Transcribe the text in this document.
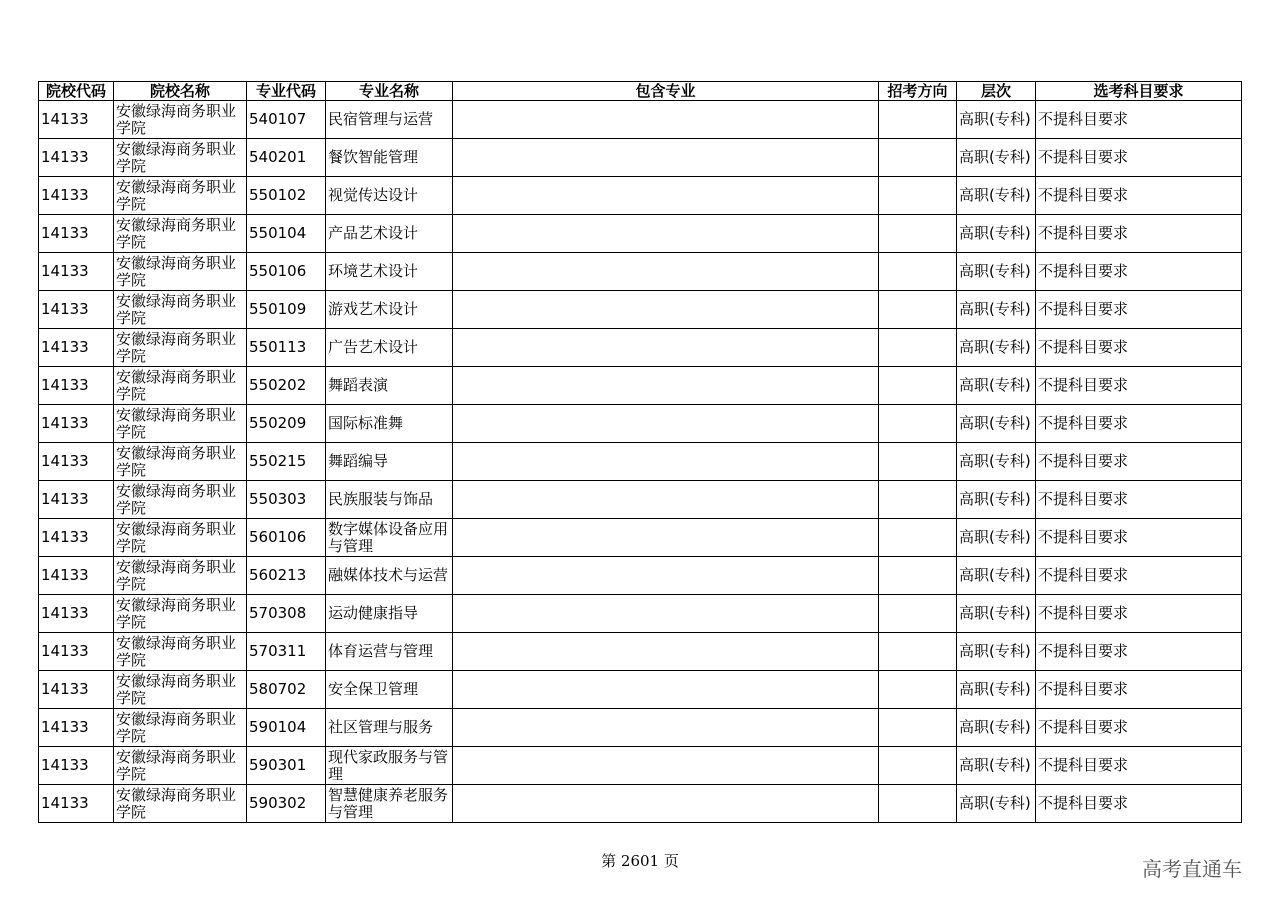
院校代码	院校名称	专业代码	专业名称	包含专业	招考方向	层次	选考科目要求
14133	安徽绿海商务职业学院	540107	民宿管理与运营			高职(专科)	不提科目要求
14133	安徽绿海商务职业学院	540201	餐饮智能管理			高职(专科)	不提科目要求
14133	安徽绿海商务职业学院	550102	视觉传达设计			高职(专科)	不提科目要求
14133	安徽绿海商务职业学院	550104	产品艺术设计			高职(专科)	不提科目要求
14133	安徽绿海商务职业学院	550106	环境艺术设计			高职(专科)	不提科目要求
14133	安徽绿海商务职业学院	550109	游戏艺术设计			高职(专科)	不提科目要求
14133	安徽绿海商务职业学院	550113	广告艺术设计			高职(专科)	不提科目要求
14133	安徽绿海商务职业学院	550202	舞蹈表演			高职(专科)	不提科目要求
14133	安徽绿海商务职业学院	550209	国际标准舞			高职(专科)	不提科目要求
14133	安徽绿海商务职业学院	550215	舞蹈编导			高职(专科)	不提科目要求
14133	安徽绿海商务职业学院	550303	民族服装与饰品			高职(专科)	不提科目要求
14133	安徽绿海商务职业学院	560106	数字媒体设备应用与管理			高职(专科)	不提科目要求
14133	安徽绿海商务职业学院	560213	融媒体技术与运营			高职(专科)	不提科目要求
14133	安徽绿海商务职业学院	570308	运动健康指导			高职(专科)	不提科目要求
14133	安徽绿海商务职业学院	570311	体育运营与管理			高职(专科)	不提科目要求
14133	安徽绿海商务职业学院	580702	安全保卫管理			高职(专科)	不提科目要求
14133	安徽绿海商务职业学院	590104	社区管理与服务			高职(专科)	不提科目要求
14133	安徽绿海商务职业学院	590301	现代家政服务与管理			高职(专科)	不提科目要求
14133	安徽绿海商务职业学院	590302	智慧健康养老服务与管理			高职(专科)	不提科目要求
第 2601 页	高考直通车
